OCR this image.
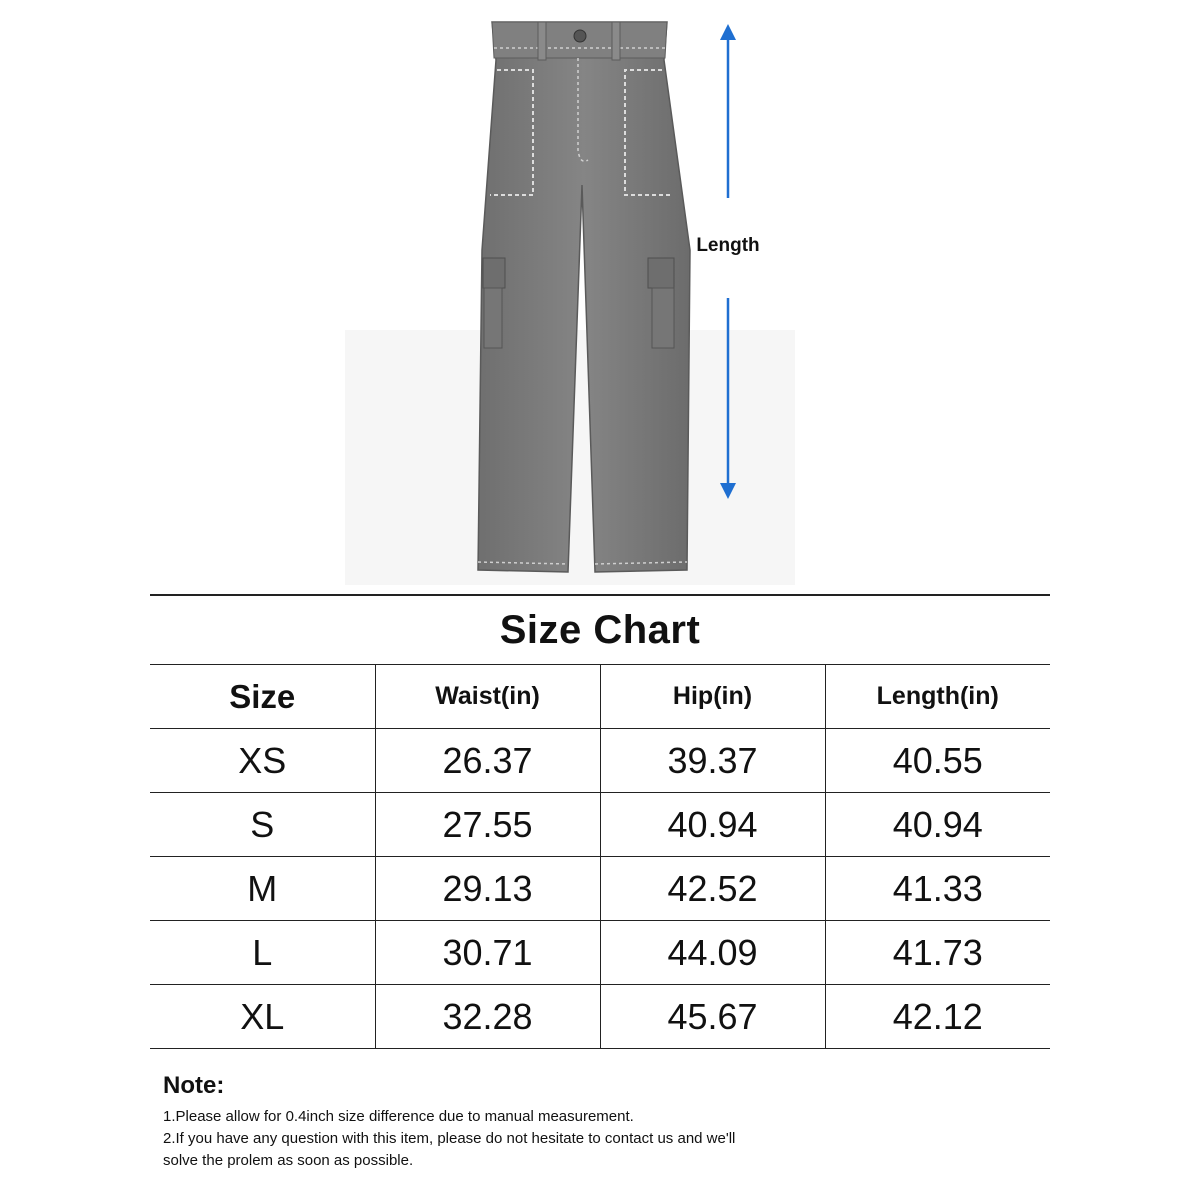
Length
Size Chart			
Size	Waist(in)	Hip(in)	Length(in)
XS	26.37	39.37	40.55
S	27.55	40.94	40.94
M	29.13	42.52	41.33
L	30.71	44.09	41.73
XL	32.28	45.67	42.12

Note:

1.Please allow for 0.4inch size difference due to manual measurement.

2.If you have any question with this item, please do not hesitate to contact us and we'll

solve the prolem as soon as possible.
